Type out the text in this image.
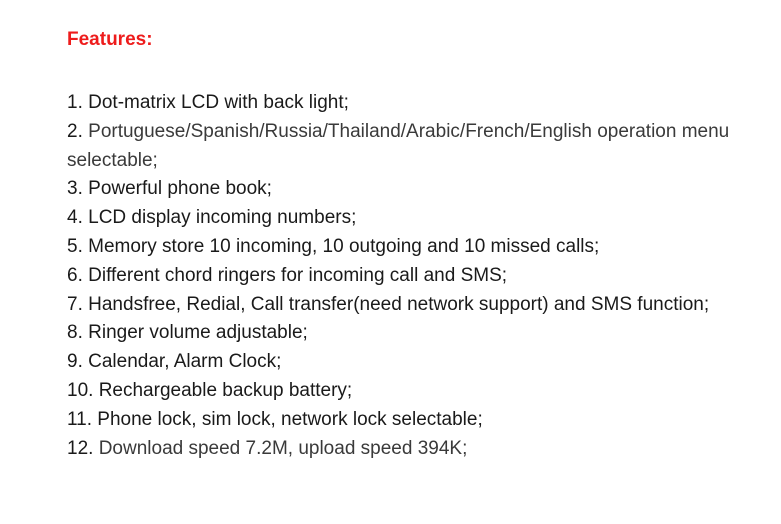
Features:
1. Dot-matrix LCD with back light;
2. Portuguese/Spanish/Russia/Thailand/Arabic/French/English operation menu selectable;
3. Powerful phone book;
4. LCD display incoming numbers;
5. Memory store 10 incoming, 10 outgoing and 10 missed calls;
6. Different chord ringers for incoming call and SMS;
7. Handsfree, Redial, Call transfer(need network support) and SMS function;
8. Ringer volume adjustable;
9. Calendar, Alarm Clock;
10. Rechargeable backup battery;
11. Phone lock, sim lock, network lock selectable;
12. Download speed 7.2M, upload speed 394K;
